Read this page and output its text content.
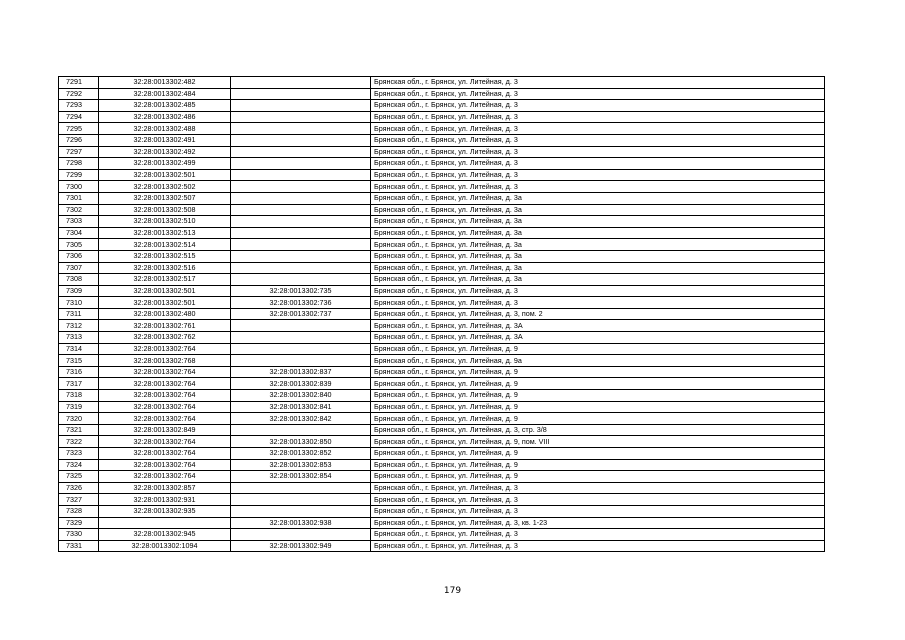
7291	32:28:0013302:482		Брянская обл., г. Брянск, ул. Литейная, д. 3
7292	32:28:0013302:484		Брянская обл., г. Брянск, ул. Литейная, д. 3
7293	32:28:0013302:485		Брянская обл., г. Брянск, ул. Литейная, д. 3
7294	32:28:0013302:486		Брянская обл., г. Брянск, ул. Литейная, д. 3
7295	32:28:0013302:488		Брянская обл., г. Брянск, ул. Литейная, д. 3
7296	32:28:0013302:491		Брянская обл., г. Брянск, ул. Литейная, д. 3
7297	32:28:0013302:492		Брянская обл., г. Брянск, ул. Литейная, д. 3
7298	32:28:0013302:499		Брянская обл., г. Брянск, ул. Литейная, д. 3
7299	32:28:0013302:501		Брянская обл., г. Брянск, ул. Литейная, д. 3
7300	32:28:0013302:502		Брянская обл., г. Брянск, ул. Литейная, д. 3
7301	32:28:0013302:507		Брянская обл., г. Брянск, ул. Литейная, д. 3а
7302	32:28:0013302:508		Брянская обл., г. Брянск, ул. Литейная, д. 3а
7303	32:28:0013302:510		Брянская обл., г. Брянск, ул. Литейная, д. 3а
7304	32:28:0013302:513		Брянская обл., г. Брянск, ул. Литейная, д. 3а
7305	32:28:0013302:514		Брянская обл., г. Брянск, ул. Литейная, д. 3а
7306	32:28:0013302:515		Брянская обл., г. Брянск, ул. Литейная, д. 3а
7307	32:28:0013302:516		Брянская обл., г. Брянск, ул. Литейная, д. 3а
7308	32:28:0013302:517		Брянская обл., г. Брянск, ул. Литейная, д. 3а
7309	32:28:0013302:501	32:28:0013302:735	Брянская обл., г. Брянск, ул. Литейная, д. 3
7310	32:28:0013302:501	32:28:0013302:736	Брянская обл., г. Брянск, ул. Литейная, д. 3
7311	32:28:0013302:480	32:28:0013302:737	Брянская обл., г. Брянск, ул. Литейная, д. 3, пом. 2
7312	32:28:0013302:761		Брянская обл., г. Брянск, ул. Литейная, д. 3А
7313	32:28:0013302:762		Брянская обл., г. Брянск, ул. Литейная, д. 3А
7314	32:28:0013302:764		Брянская обл., г. Брянск, ул. Литейная, д. 9
7315	32:28:0013302:768		Брянская обл., г. Брянск, ул. Литейная, д. 9а
7316	32:28:0013302:764	32:28:0013302:837	Брянская обл., г. Брянск, ул. Литейная, д. 9
7317	32:28:0013302:764	32:28:0013302:839	Брянская обл., г. Брянск, ул. Литейная, д. 9
7318	32:28:0013302:764	32:28:0013302:840	Брянская обл., г. Брянск, ул. Литейная, д. 9
7319	32:28:0013302:764	32:28:0013302:841	Брянская обл., г. Брянск, ул. Литейная, д. 9
7320	32:28:0013302:764	32:28:0013302:842	Брянская обл., г. Брянск, ул. Литейная, д. 9
7321	32:28:0013302:849		Брянская обл., г. Брянск, ул. Литейная, д. 3, стр. 3/8
7322	32:28:0013302:764	32:28:0013302:850	Брянская обл., г. Брянск, ул. Литейная, д. 9, пом. VIII
7323	32:28:0013302:764	32:28:0013302:852	Брянская обл., г. Брянск, ул. Литейная, д. 9
7324	32:28:0013302:764	32:28:0013302:853	Брянская обл., г. Брянск, ул. Литейная, д. 9
7325	32:28:0013302:764	32:28:0013302:854	Брянская обл., г. Брянск, ул. Литейная, д. 9
7326	32:28:0013302:857		Брянская обл., г. Брянск, ул. Литейная, д. 3
7327	32:28:0013302:931		Брянская обл., г. Брянск, ул. Литейная, д. 3
7328	32:28:0013302:935		Брянская обл., г. Брянск, ул. Литейная, д. 3
7329		32:28:0013302:938	Брянская обл., г. Брянск, ул. Литейная, д. 3, кв. 1-23
7330	32:28:0013302:945		Брянская обл., г. Брянск, ул. Литейная, д. 3
7331	32:28:0013302:1094	32:28:0013302:949	Брянская обл., г. Брянск, ул. Литейная, д. 3
179
